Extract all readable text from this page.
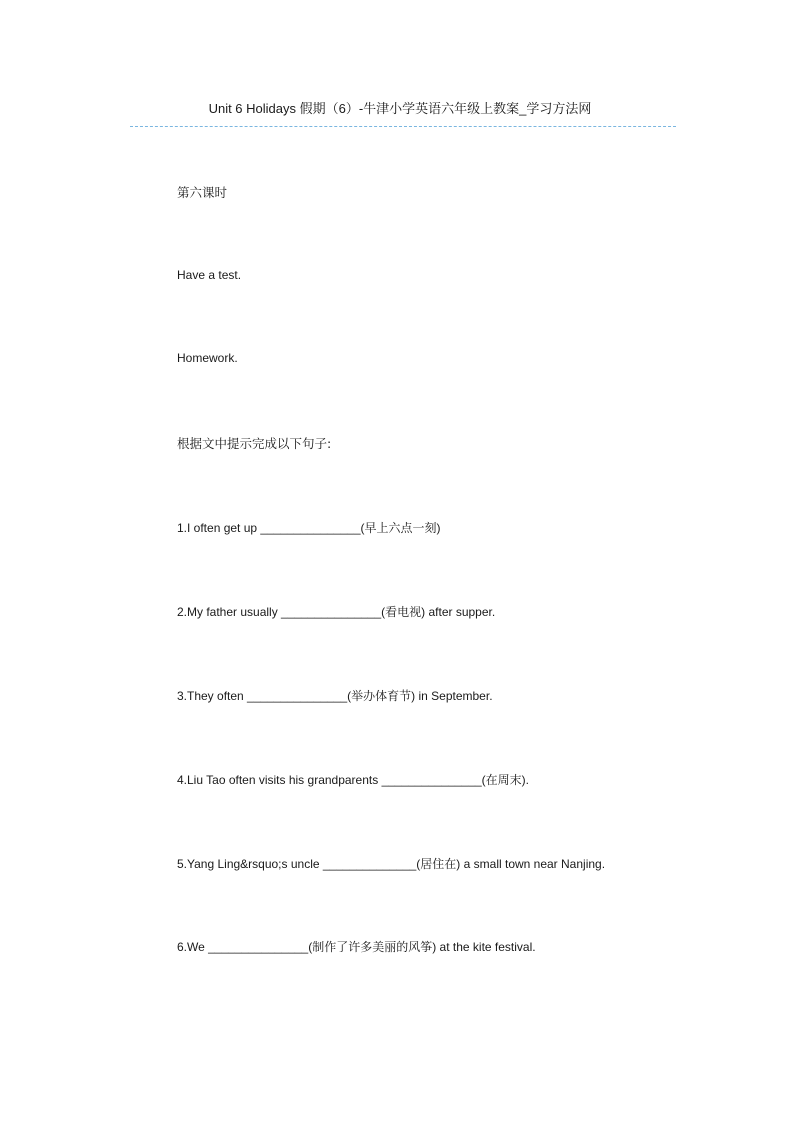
Unit 6 Holidays 假期（6）-牛津小学英语六年级上教案_学习方法网
第六课时
Have a test.
Homework.
根据文中提示完成以下句子:
1.I often get up _______________(早上六点一刻)
2.My father usually _______________(看电视) after supper.
3.They often _______________(举办体育节) in September.
4.Liu Tao often visits his grandparents _______________(在周末).
5.Yang Ling&rsquo;s uncle ______________(居住在) a small town near Nanjing.
6.We _______________(制作了许多美丽的风筝) at the kite festival.
